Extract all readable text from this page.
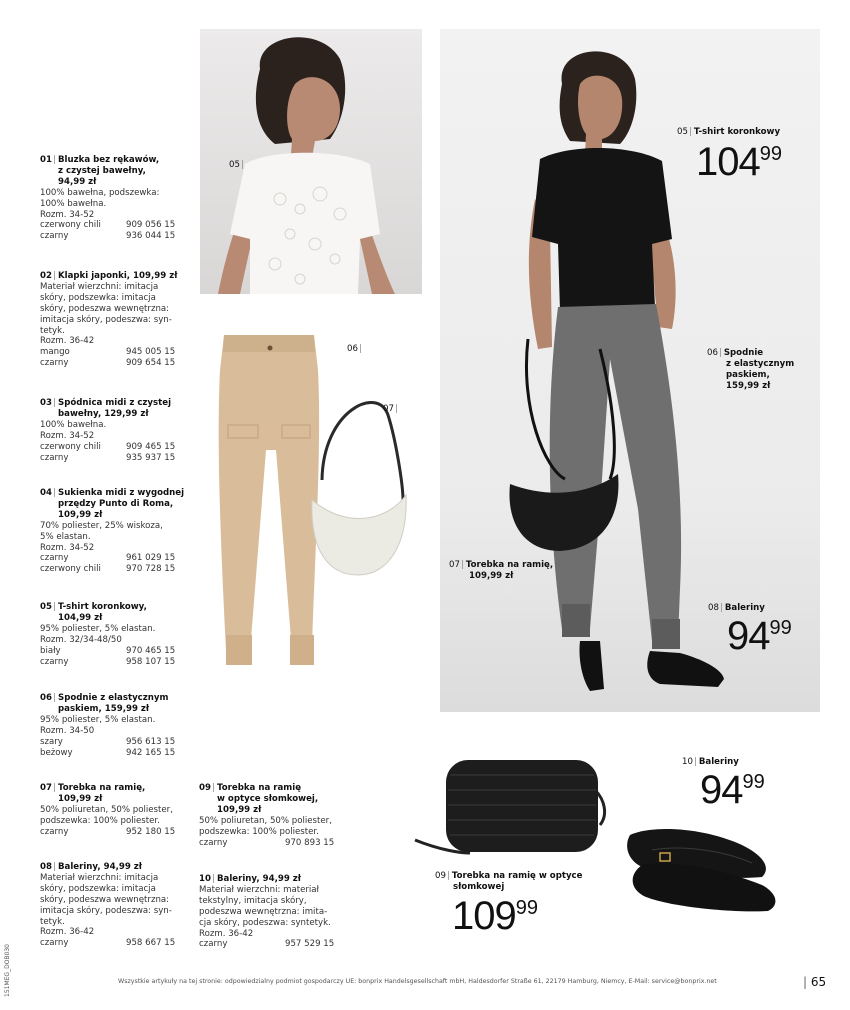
01 | Bluzka bez rękawów,
z czystej bawełny,
94,99 zł
100% bawełna, podszewka:
100% bawełna.
Rozm. 34-52
czerwony chili	909 056 15
czarny	936 044 15
02 | Klapki japonki, 109,99 zł
Materiał wierzchni: imitacja
skóry, podszewka: imitacja
skóry, podeszwa wewnętrzna:
imitacja skóry, podeszwa: syn-
tetyk.
Rozm. 36-42
mango	945 005 15
czarny	909 654 15
03 | Spódnica midi z czystej
bawełny, 129,99 zł
100% bawełna.
Rozm. 34-52
czerwony chili	909 465 15
czarny	935 937 15
04 | Sukienka midi z wygodnej
przędzy Punto di Roma,
109,99 zł
70% poliester, 25% wiskoza,
5% elastan.
Rozm. 34-52
czarny	961 029 15
czerwony chili	970 728 15
05 | T-shirt koronkowy,
104,99 zł
95% poliester, 5% elastan.
Rozm. 32/34-48/50
biały	970 465 15
czarny	958 107 15
06 | Spodnie z elastycznym
paskiem, 159,99 zł
95% poliester, 5% elastan.
Rozm. 34-50
szary	956 613 15
beżowy	942 165 15
07 | Torebka na ramię,
109,99 zł
50% poliuretan, 50% poliester,
podszewka: 100% poliester.
czarny	952 180 15
08 | Baleriny, 94,99 zł
Materiał wierzchni: imitacja
skóry, podszewka: imitacja
skóry, podeszwa wewnętrzna:
imitacja skóry, podeszwa: syn-
tetyk.
Rozm. 36-42
czarny	958 667 15
09 | Torebka na ramię
w optyce słomkowej,
109,99 zł
50% poliuretan, 50% poliester,
podszewka: 100% poliester.
czarny	970 893 15
10 | Baleriny, 94,99 zł
Materiał wierzchni: materiał
tekstylny, imitacja skóry,
podeszwa wewnętrzna: imita-
cja skóry, podeszwa: syntetyk.
Rozm. 36-42
czarny	957 529 15
05 |
05 | T-shirt koronkowy
10499
06 | Spodnie
z elastycznym
paskiem,
159,99 zł
07 | Torebka na ramię,
109,99 zł
08 | Baleriny
9499
06 |
07 |
09 | Torebka na ramię w optyce
słomkowej
10999
10 | Baleriny
9499
Wszystkie artykuły na tej stronie: odpowiedzialny podmiot gospodarczy UE: bonprix Handelsgesellschaft mbH, Haldesdorfer Straße 61, 22179 Hamburg, Niemcy, E-Mail: service@bonprix.net
|	65
151MEG_DOB030
